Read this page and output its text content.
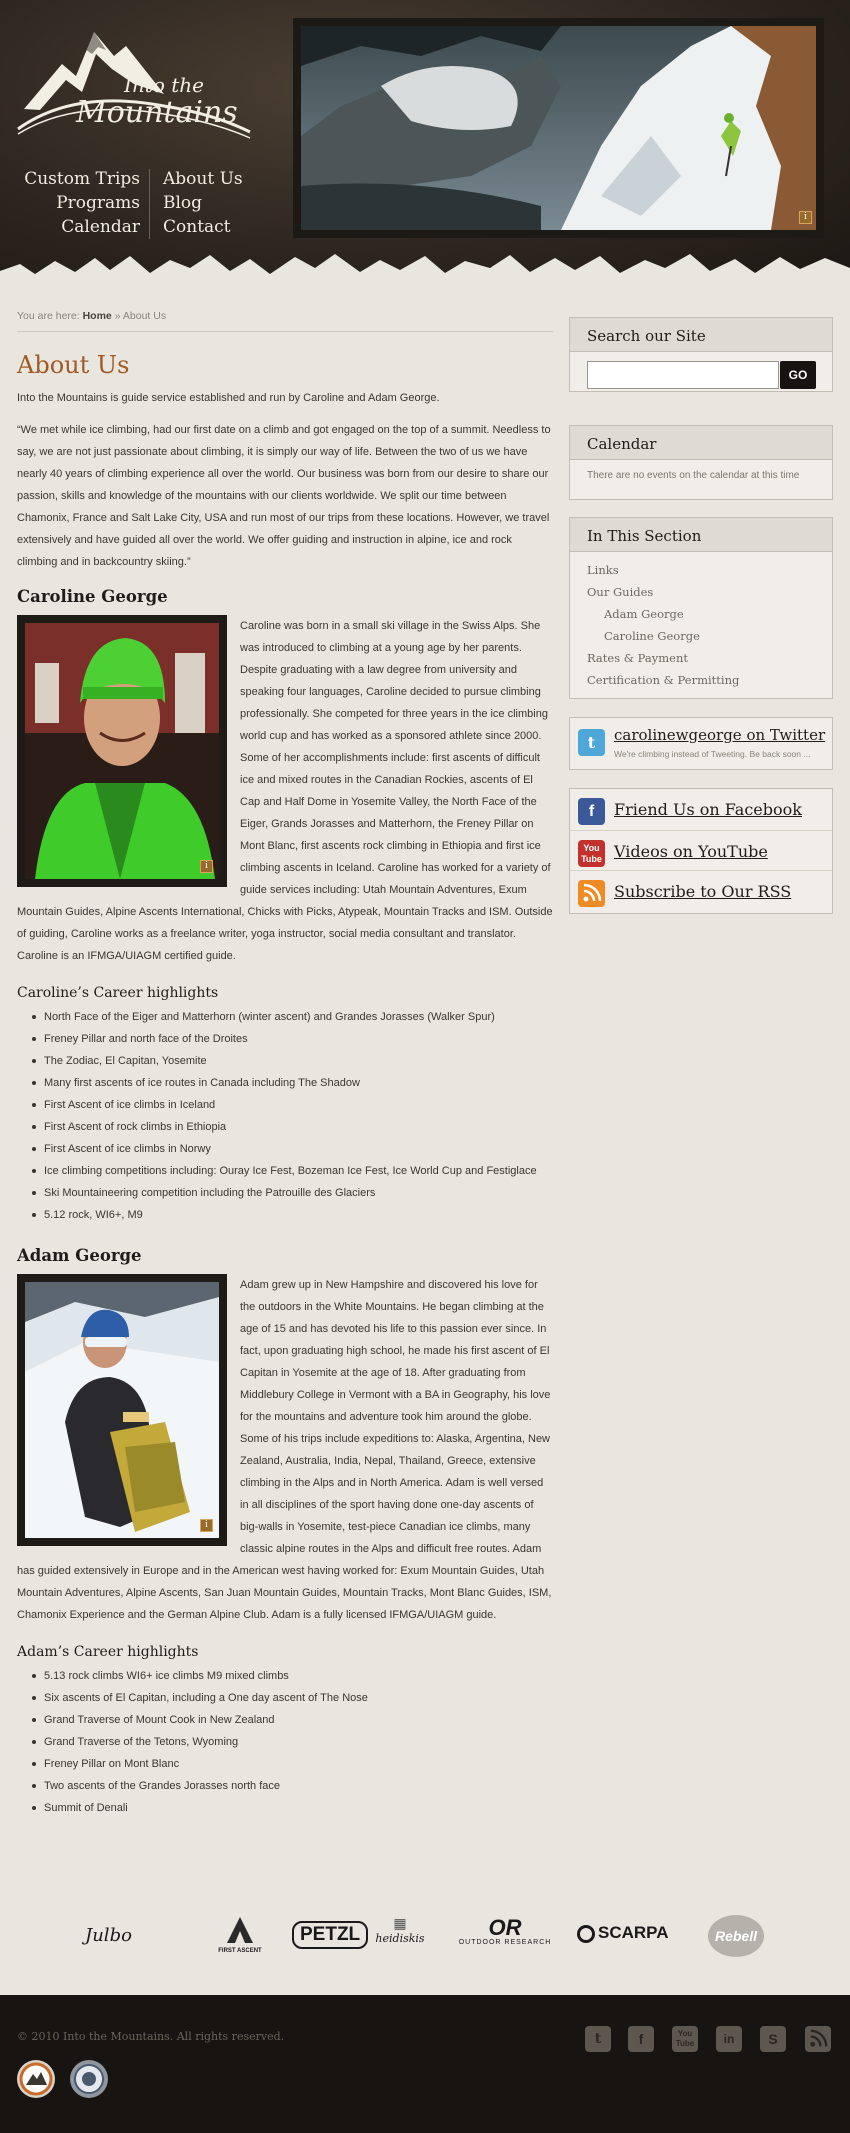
Into the
Mountains
Custom Trips
Programs
Calendar
About Us
Blog
Contact	i
You are here: Home » About Us
About Us

Into the Mountains is guide service established and run by Caroline and Adam George.

“We met while ice climbing, had our first date on a climb and got engaged on the top of a summit. Needless to say, we are not just passionate about climbing, it is simply our way of life. Between the two of us we have nearly 40 years of climbing experience all over the world. Our business was born from our desire to share our passion, skills and knowledge of the mountains with our clients worldwide. We split our time between Chamonix, France and Salt Lake City, USA and run most of our trips from these locations. However, we travel extensively and have guided all over the world. We offer guiding and instruction in alpine, ice and rock climbing and in backcountry skiing.”

Caroline George
i

Caroline was born in a small ski village in the Swiss Alps. She was introduced to climbing at a young age by her parents. Despite graduating with a law degree from university and speaking four languages, Caroline decided to pursue climbing professionally. She competed for three years in the ice climbing world cup and has worked as a sponsored athlete since 2000. Some of her accomplishments include: first ascents of difficult ice and mixed routes in the Canadian Rockies, ascents of El Cap and Half Dome in Yosemite Valley, the North Face of the Eiger, Grands Jorasses and Matterhorn, the Freney Pillar on Mont Blanc, first ascents rock climbing in Ethiopia and first ice climbing ascents in Iceland. Caroline has worked for a variety of guide services including: Utah Mountain Adventures, Exum Mountain Guides, Alpine Ascents International, Chicks with Picks, Atypeak, Mountain Tracks and ISM. Outside of guiding, Caroline works as a freelance writer, yoga instructor, social media consultant and translator. Caroline is an IFMGA/UIAGM certified guide.

Caroline’s Career highlights
North Face of the Eiger and Matterhorn (winter ascent) and Grandes Jorasses (Walker Spur)
Freney Pillar and north face of the Droites
The Zodiac, El Capitan, Yosemite
Many first ascents of ice routes in Canada including The Shadow
First Ascent of ice climbs in Iceland
First Ascent of rock climbs in Ethiopia
First Ascent of ice climbs in Norwy
Ice climbing competitions including: Ouray Ice Fest, Bozeman Ice Fest, Ice World Cup and Festiglace
Ski Mountaineering competition including the Patrouille des Glaciers
5.12 rock, WI6+, M9
Adam George
i

Adam grew up in New Hampshire and discovered his love for the outdoors in the White Mountains. He began climbing at the age of 15 and has devoted his life to this passion ever since. In fact, upon graduating high school, he made his first ascent of El Capitan in Yosemite at the age of 18. After graduating from Middlebury College in Vermont with a BA in Geography, his love for the mountains and adventure took him around the globe. Some of his trips include expeditions to: Alaska, Argentina, New Zealand, Australia, India, Nepal, Thailand, Greece, extensive climbing in the Alps and in North America. Adam is well versed in all disciplines of the sport having done one-day ascents of big-walls in Yosemite, test-piece Canadian ice climbs, many classic alpine routes in the Alps and difficult free routes. Adam has guided extensively in Europe and in the American west having worked for: Exum Mountain Guides, Utah Mountain Adventures, Alpine Ascents, San Juan Mountain Guides, Mountain Tracks, Mont Blanc Guides, ISM, Chamonix Experience and the German Alpine Club. Adam is a fully licensed IFMGA/UIAGM guide.

Adam’s Career highlights
5.13 rock climbs WI6+ ice climbs M9 mixed climbs
Six ascents of El Capitan, including a One day ascent of The Nose
Grand Traverse of Mount Cook in New Zealand
Grand Traverse of the Tetons, Wyoming
Freney Pillar on Mont Blanc
Two ascents of the Grandes Jorasses north face
Summit of Denali
Search our Site
GO
Calendar
There are no events on the calendar at this time
In This Section
Links
Our Guides
Adam George
Caroline George
Rates & Payment
Certification & Permitting
t	carolinewgeorge on Twitter
We're climbing instead of Tweeting. Be back soon ...
f	Friend Us on Facebook
You
Tube Videos on YouTube
Subscribe to Our RSS
Julbo
FIRST ASCENT
PETZL
▦
heidiskis	OR
OUTDOOR RESEARCH
SCARPA	Rebell
© 2010 Into the Mountains. All rights reserved.	t	f	You
Tube	in	S
